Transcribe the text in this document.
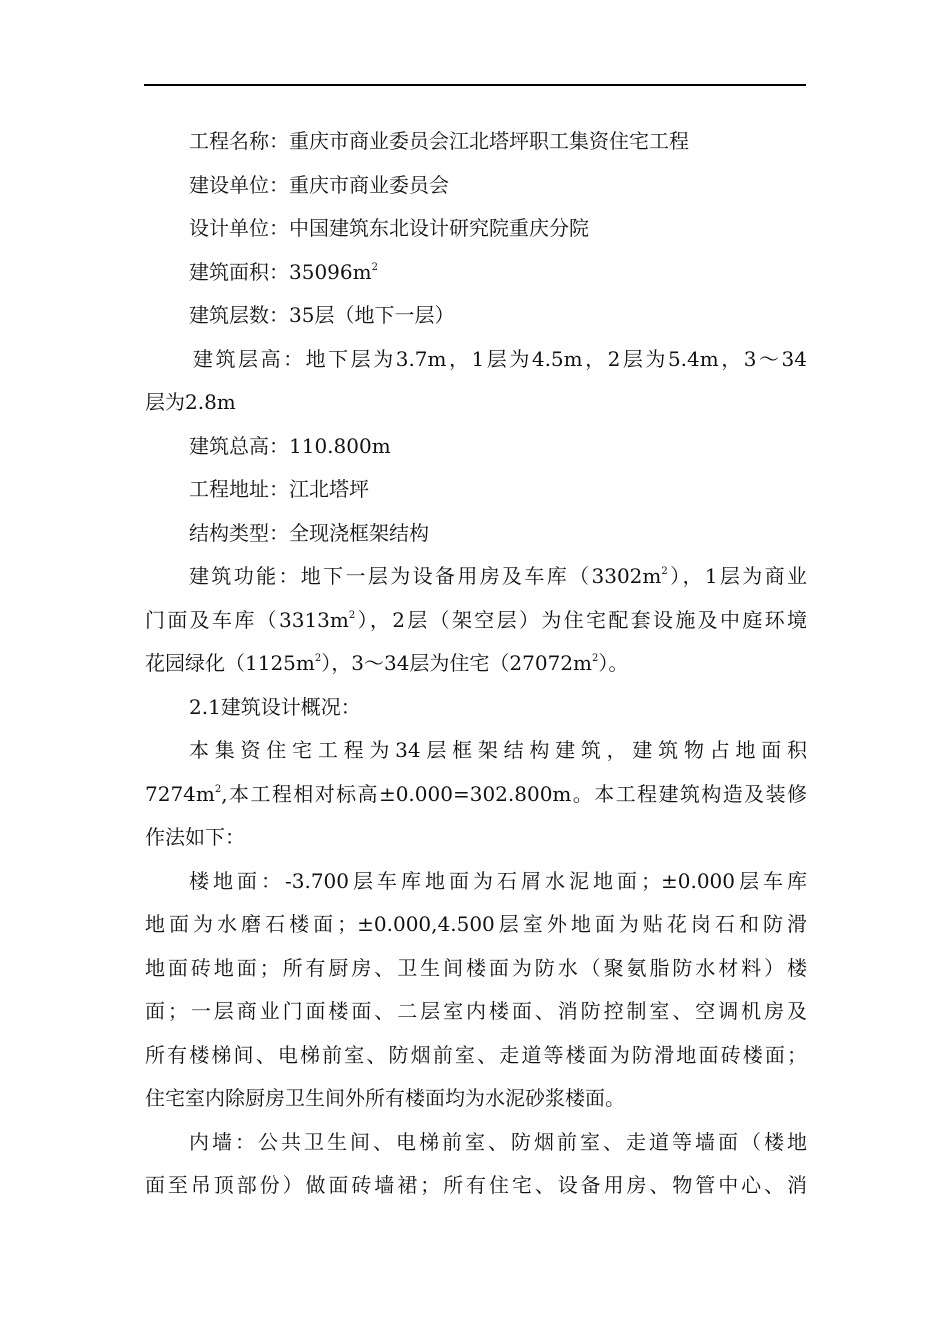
工程名称：重庆市商业委员会江北塔坪职工集资住宅工程
建设单位：重庆市商业委员会
设计单位：中国建筑东北设计研究院重庆分院
建筑面积：$35096m^2$
建筑层数：35层（地下一层）
建筑层高：地下层为3.7m，1层为4.5m，2层为5.4m，3～34
层为2.8m
建筑总高：110.800m
工程地址：江北塔坪
结构类型：全现浇框架结构
建筑功能：地下一层为设备用房及车库$(3302m^2)$，1层为商业
门面及车库$(3313m^2)$，2层（架空层）为住宅配套设施及中庭环境
花园绿化$(1125m^2)$，3～34层为住宅$(27072m^2)$。
2.1建筑设计概况：
本集资住宅工程为34层框架结构建筑，建筑物占地面积
$7274m^2$,本工程相对标高±0.000=302.800m。本工程建筑构造及装修
作法如下：
楼地面：-3.700层车库地面为石屑水泥地面；±0.000层车库
地面为水磨石楼面；±0.000,4.500层室外地面为贴花岗石和防滑
地面砖地面；所有厨房、卫生间楼面为防水（聚氨脂防水材料）楼
面；一层商业门面楼面、二层室内楼面、消防控制室、空调机房及
所有楼梯间、电梯前室、防烟前室、走道等楼面为防滑地面砖楼面；
住宅室内除厨房卫生间外所有楼面均为水泥砂浆楼面。
内墙：公共卫生间、电梯前室、防烟前室、走道等墙面（楼地
面至吊顶部份）做面砖墙裙；所有住宅、设备用房、物管中心、消
